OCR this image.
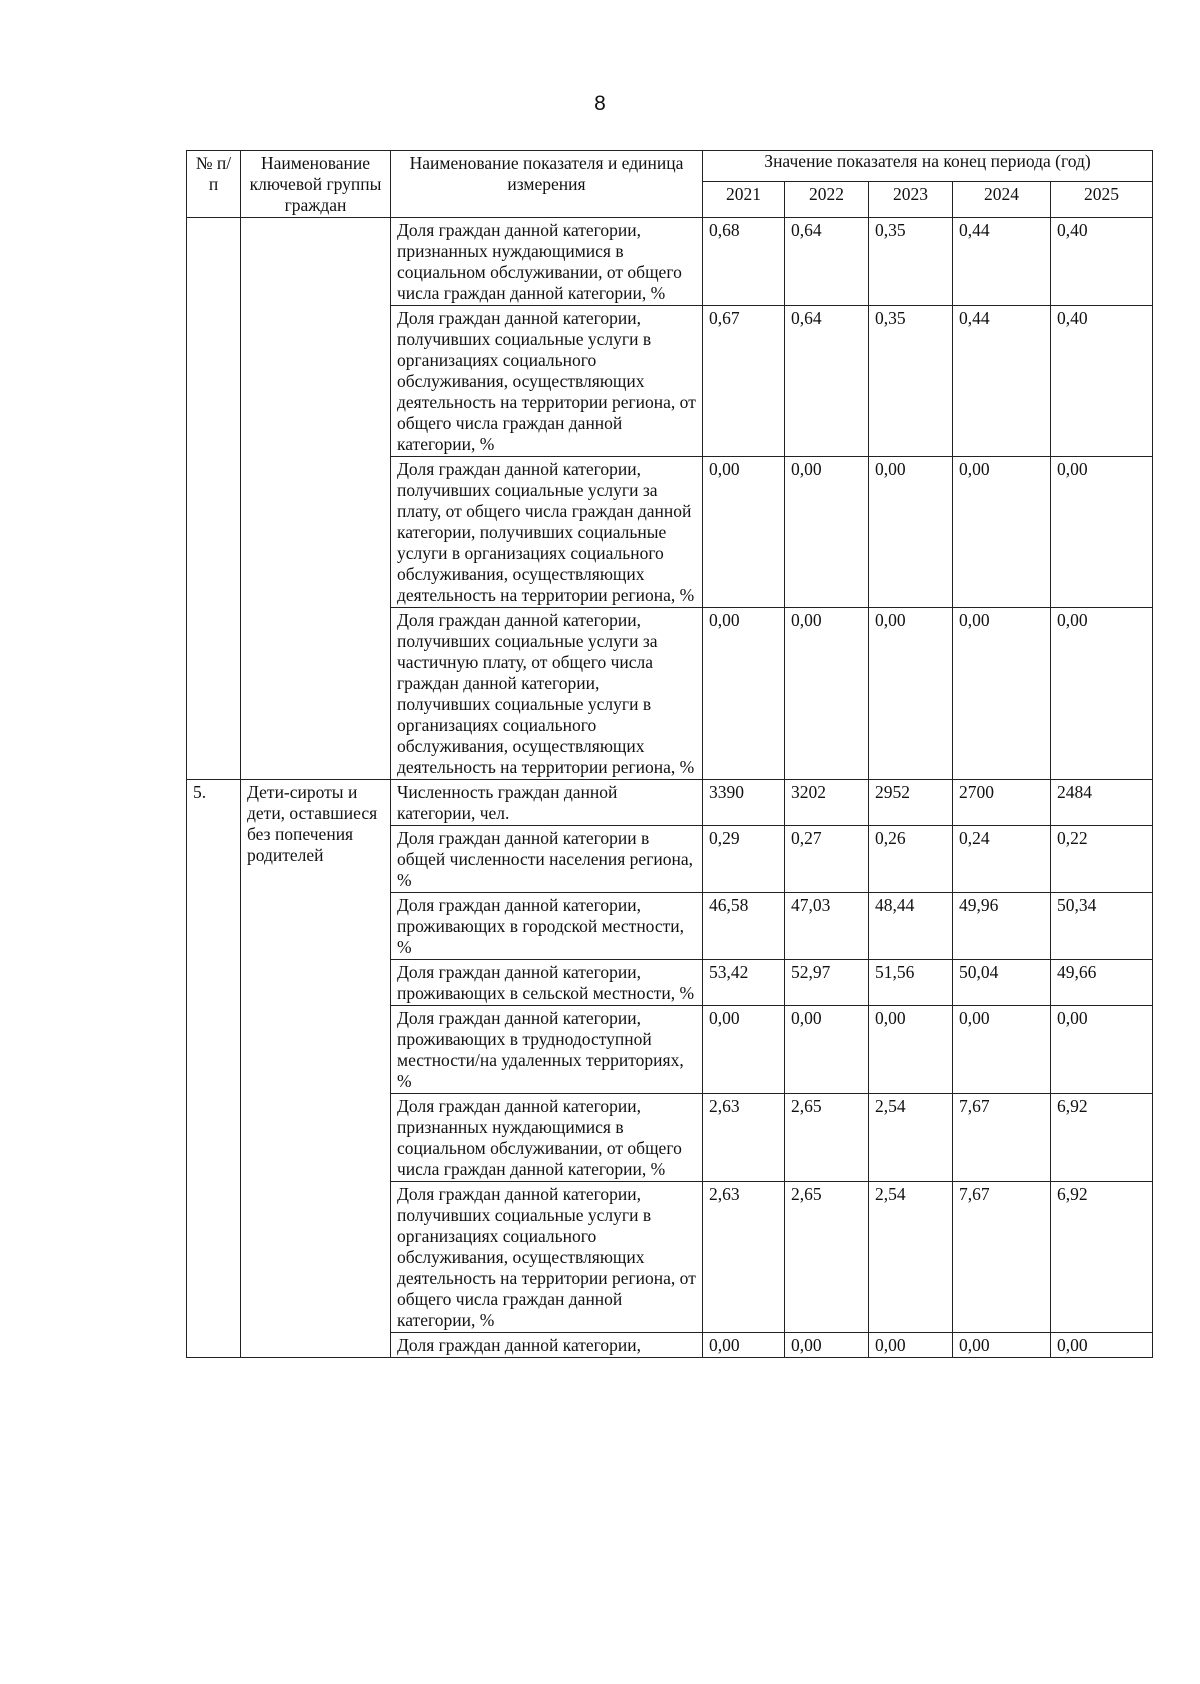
8
№ п/п	Наименование ключевой группы граждан	Наименование показателя и единица измерения	Значение показателя на конец периода (год)				
			2021	2022	2023	2024	2025
		Доля граждан данной категории, признанных нуждающимися в социальном обслуживании, от общего числа граждан данной категории, %	0,68	0,64	0,35	0,44	0,40
		Доля граждан данной категории, получивших социальные услуги в организациях социального обслуживания, осуществляющих деятельность на территории региона, от общего числа граждан данной категории, %	0,67	0,64	0,35	0,44	0,40
		Доля граждан данной категории, получивших социальные услуги за плату, от общего числа граждан данной категории, получивших социальные услуги в организациях социального обслуживания, осуществляющих деятельность на территории региона, %	0,00	0,00	0,00	0,00	0,00
		Доля граждан данной категории, получивших социальные услуги за частичную плату, от общего числа граждан данной категории, получивших социальные услуги в организациях социального обслуживания, осуществляющих деятельность на территории региона, %	0,00	0,00	0,00	0,00	0,00
5.	Дети-сироты и дети, оставшиеся без попечения родителей	Численность граждан данной категории, чел.	3390	3202	2952	2700	2484
		Доля граждан данной категории в общей численности населения региона, %	0,29	0,27	0,26	0,24	0,22
		Доля граждан данной категории, проживающих в городской местности, %	46,58	47,03	48,44	49,96	50,34
		Доля граждан данной категории, проживающих в сельской местности, %	53,42	52,97	51,56	50,04	49,66
		Доля граждан данной категории, проживающих в труднодоступной местности/на удаленных территориях, %	0,00	0,00	0,00	0,00	0,00
		Доля граждан данной категории, признанных нуждающимися в социальном обслуживании, от общего числа граждан данной категории, %	2,63	2,65	2,54	7,67	6,92
		Доля граждан данной категории, получивших социальные услуги в организациях социального обслуживания, осуществляющих деятельность на территории региона, от общего числа граждан данной категории, %	2,63	2,65	2,54	7,67	6,92
		Доля граждан данной категории,	0,00	0,00	0,00	0,00	0,00
